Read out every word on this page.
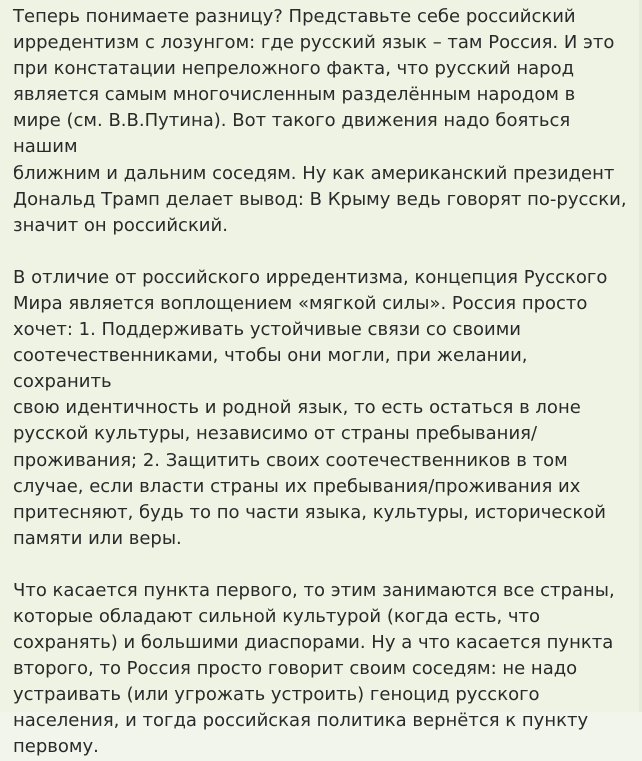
Теперь понимаете разницу? Представьте себе российский
ирредентизм с лозунгом: где русский язык – там Россия. И это
при констатации непреложного факта, что русский народ
является самым многочисленным разделённым народом в
мире (см. В.В.Путина). Вот такого движения надо бояться нашим
ближним и дальним соседям. Ну как американский президент
Дональд Трамп делает вывод: В Крыму ведь говорят по-русски,
значит он российский.

В отличие от российского ирредентизма, концепция Русского
Мира является воплощением «мягкой силы». Россия просто
хочет: 1. Поддерживать устойчивые связи со своими
соотечественниками, чтобы они могли, при желании, сохранить
свою идентичность и родной язык, то есть остаться в лоне
русской культуры, независимо от страны пребывания/
проживания; 2. Защитить своих соотечественников в том
случае, если власти страны их пребывания/проживания их
притесняют, будь то по части языка, культуры, исторической
памяти или веры.

Что касается пункта первого, то этим занимаются все страны,
которые обладают сильной культурой (когда есть, что
сохранять) и большими диаспорами. Ну а что касается пункта
второго, то Россия просто говорит своим соседям: не надо
устраивать (или угрожать устроить) геноцид русского
населения, и тогда российская политика вернётся к пункту
первому.
